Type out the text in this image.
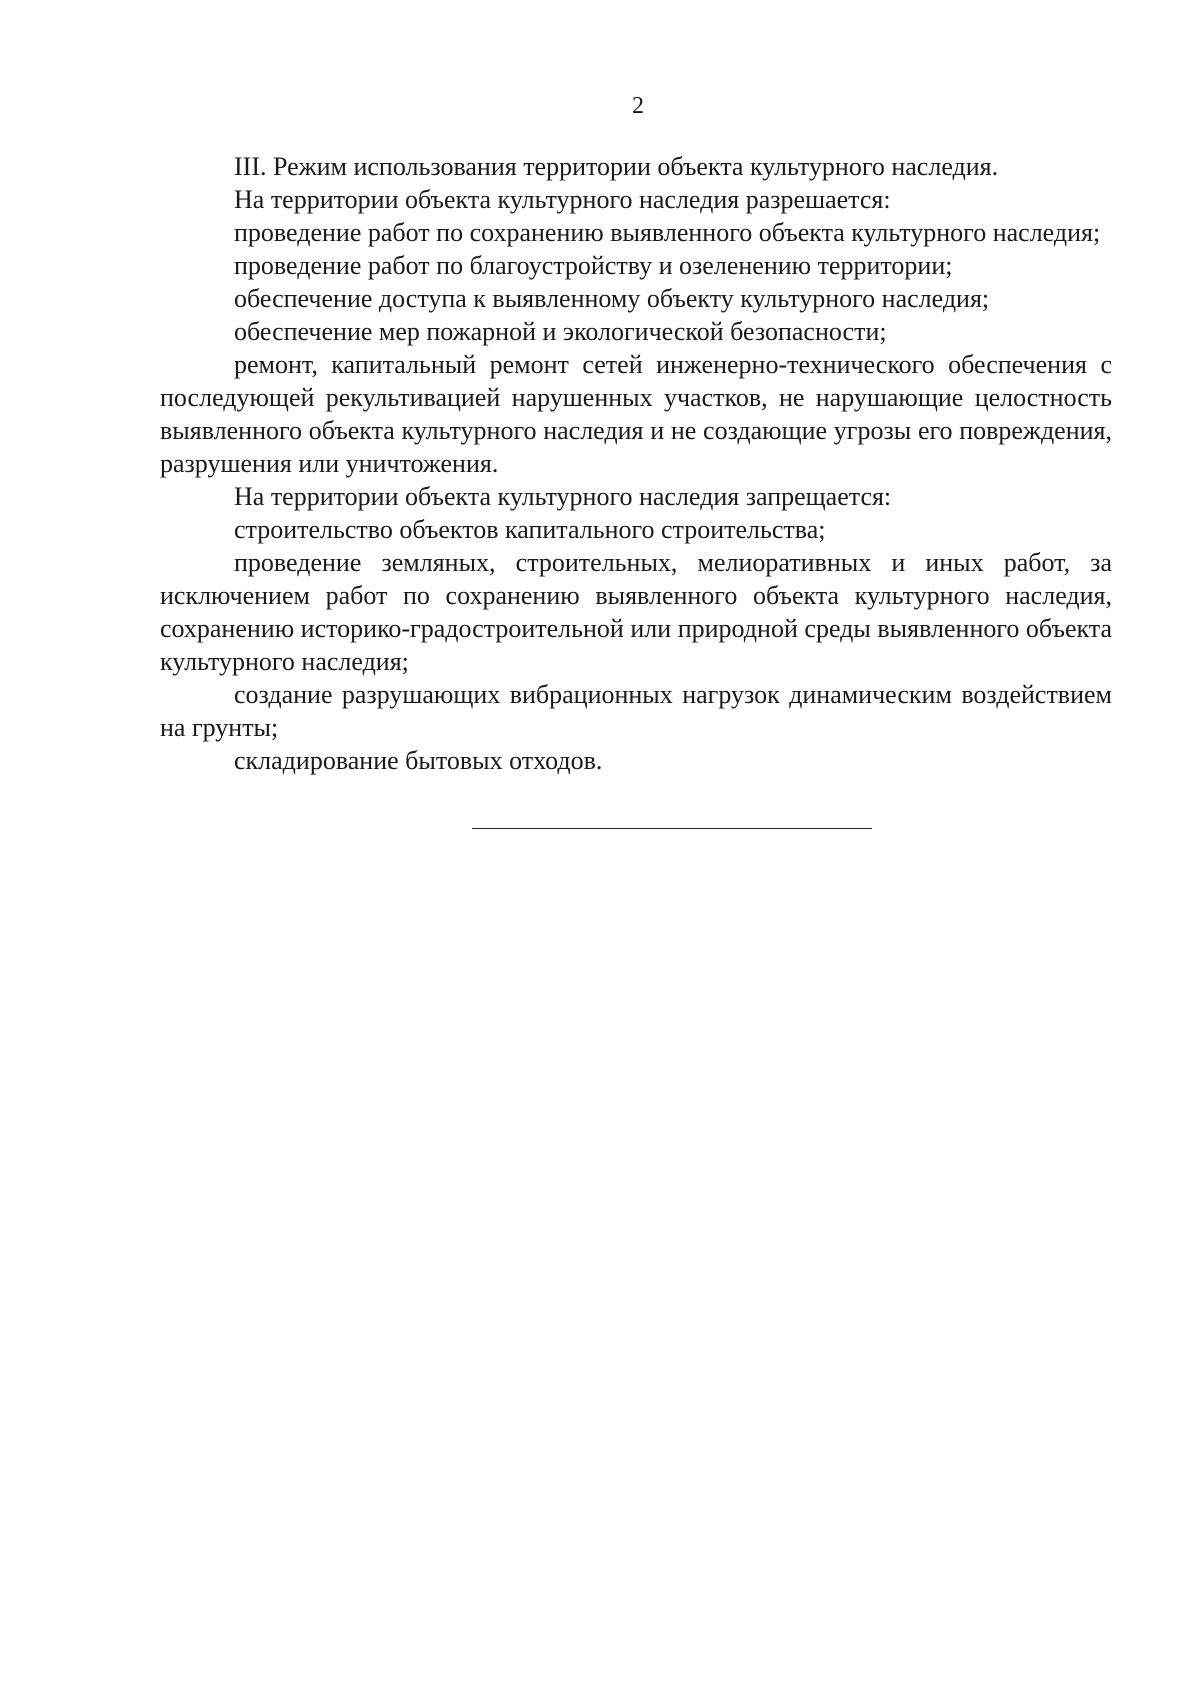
2

III. Режим использования территории объекта культурного наследия.

На территории объекта культурного наследия разрешается:

проведение работ по сохранению выявленного объекта культурного наследия;

проведение работ по благоустройству и озеленению территории;

обеспечение доступа к выявленному объекту культурного наследия;

обеспечение мер пожарной и экологической безопасности;

ремонт, капитальный ремонт сетей инженерно-технического обеспечения с последующей рекультивацией нарушенных участков, не нарушающие целостность выявленного объекта культурного наследия и не создающие угрозы его повреждения, разрушения или уничтожения.

На территории объекта культурного наследия запрещается:

строительство объектов капитального строительства;

проведение земляных, строительных, мелиоративных и иных работ, за исключением работ по сохранению выявленного объекта культурного наследия, сохранению историко-градостроительной или природной среды выявленного объекта культурного наследия;

создание разрушающих вибрационных нагрузок динамическим воздействием на грунты;

складирование бытовых отходов.
